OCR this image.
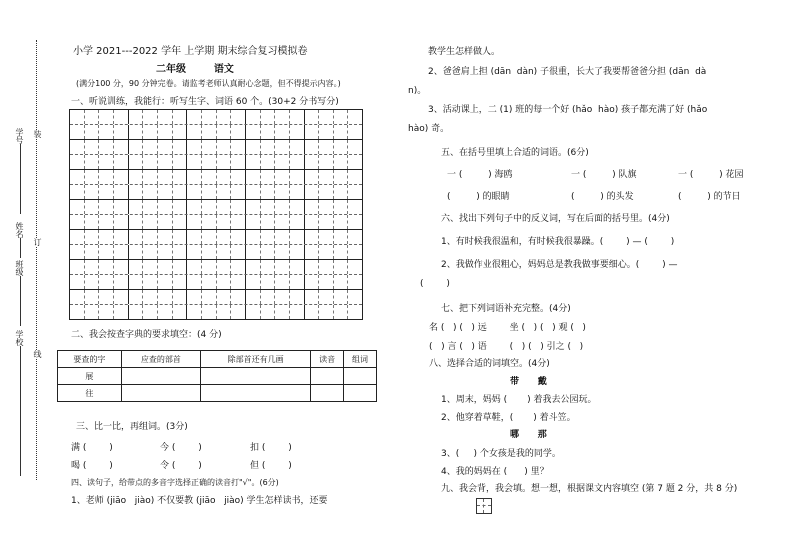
学号
姓名
班级
学校
装
订
线
小学 2021---2022 学年 上学期 期末综合复习模拟卷
二年级        语文
(满分100 分，90 分钟完卷。请监考老师认真耐心念题，但不得提示内容。)
一、听说训练，我能行：听写生字、词语 60 个。(30+2 分书写分)
二、我会按查字典的要求填空：(4 分)
要查的字	应查的部首	除部首还有几画	读音	组词
展				
往				
三、比一比，再组词。(3分)
满 (        )	今 (        )	扣 (        )
喝 (        )	令 (        )	但 (        )
四、读句子，给带点的多音字选择正确的读音打"√"。(6分)
1、老师 (jiāo   jiào) 不仅要教 (jiāo   jiào) 学生怎样读书，还要
教学生怎样做人。
2、爸爸肩上担 (dān  dàn) 子很重，长大了我要帮爸爸分担 (dān  dà
n)。
3、活动课上，二 (1) 班的每一个好 (hǎo  hào) 孩子都充满了好 (hǎo
hào) 奇。
五、在括号里填上合适的词语。(6分)
一 (         ) 海鸥	一 (         ) 队旗	一 (         ) 花园
(         ) 的眼睛	(         ) 的头发	(         ) 的节日
六、找出下列句子中的反义词，写在后面的括号里。(4分)
1、有时候我很温和，有时候我很暴躁。(        ) — (        )
2、我做作业很粗心，妈妈总是教我做事要细心。(        ) —
(        )
七、把下列词语补充完整。(4分)
名 (   ) (   ) 远        坐 (   ) (   ) 观 (   )
(   ) 言 (   ) 语        (   ) (   ) 引之 (   )
八、选择合适的词填空。(4分)
带      戴
1、周末，妈妈 (       ) 着我去公园玩。
2、他穿着草鞋，(       ) 着斗笠。
哪      那
3、(     ) 个女孩是我的同学。
4、我的妈妈在 (      ) 里？
九、我会背，我会填。想一想，根据课文内容填空 (第 7 题 2 分，共 8 分)
